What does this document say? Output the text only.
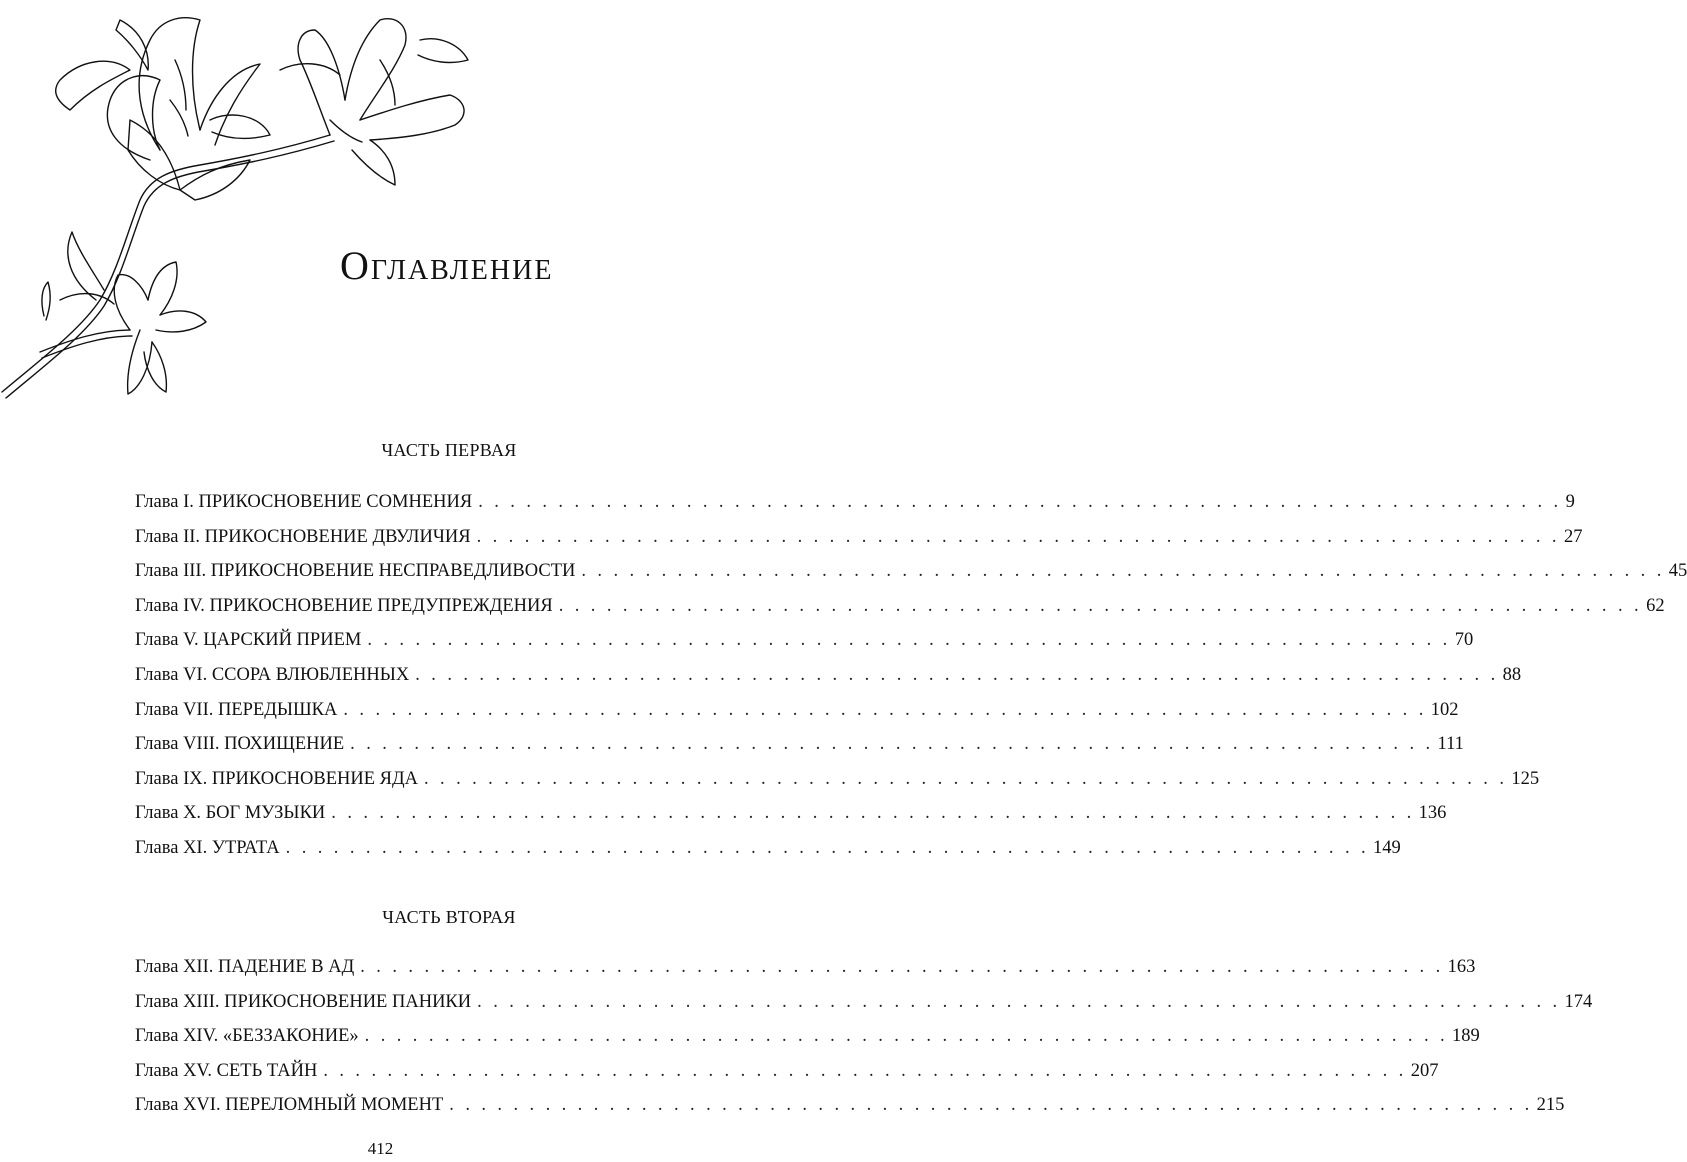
Оглавление
ЧАСТЬ ПЕРВАЯ
Глава I. ПРИКОСНОВЕНИЕ СОМНЕНИЯ . . .	9
Глава II. ПРИКОСНОВЕНИЕ ДВУЛИЧИЯ . . .	27
Глава III. ПРИКОСНОВЕНИЕ НЕСПРАВЕДЛИВОСТИ . . .	45
Глава IV. ПРИКОСНОВЕНИЕ ПРЕДУПРЕЖДЕНИЯ . . .	62
Глава V. ЦАРСКИЙ ПРИЕМ . . .	70
Глава VI. ССОРА ВЛЮБЛЕННЫХ . . .	88
Глава VII. ПЕРЕДЫШКА . . .	102
Глава VIII. ПОХИЩЕНИЕ . . .	111
Глава IX. ПРИКОСНОВЕНИЕ ЯДА . . .	125
Глава X. БОГ МУЗЫКИ . . .	136
Глава XI. УТРАТА . . .	149
ЧАСТЬ ВТОРАЯ
Глава XII. ПАДЕНИЕ В АД . . .	163
Глава XIII. ПРИКОСНОВЕНИЕ ПАНИКИ . . .	174
Глава XIV. «БЕЗЗАКОНИЕ» . . .	189
Глава XV. СЕТЬ ТАЙН . . .	207
Глава XVI. ПЕРЕЛОМНЫЙ МОМЕНТ . . .	215

412
